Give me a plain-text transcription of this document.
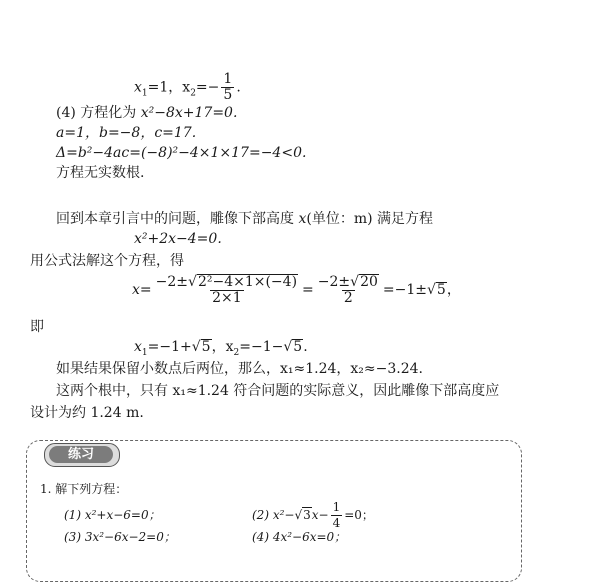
$x_1=1$，$x_2=- \frac{1}{5}$ .
(4) 方程化为 x²−8x+17=0.
a=1，b=−8，c=17.
Δ=b²−4ac=(−8)²−4×1×17=−4<0.
方程无实数根.
回到本章引言中的问题，雕像下部高度 x(单位：m) 满足方程
x²+2x−4=0.
用公式法解这个方程，得
$x= \frac{\text{−2±√2²−4×1×(−4)}}{2\times 1} = \frac{-2\pm√20}{2} =-1\pm√5$，
即
$x_1=-1+√5$，$x_2=-1-√5$.
如果结果保留小数点后两位，那么，x₁≈1.24，x₂≈−3.24.
这两个根中，只有 x₁≈1.24 符合问题的实际意义，因此雕像下部高度应
设计为约 1.24 m.
练习
1. 解下列方程：
(1) x²+x−6=0；	(2) $x^2-√3x- \frac{1}{4} =0$；
(3) 3x²−6x−2=0；	(4) 4x²−6x=0；
